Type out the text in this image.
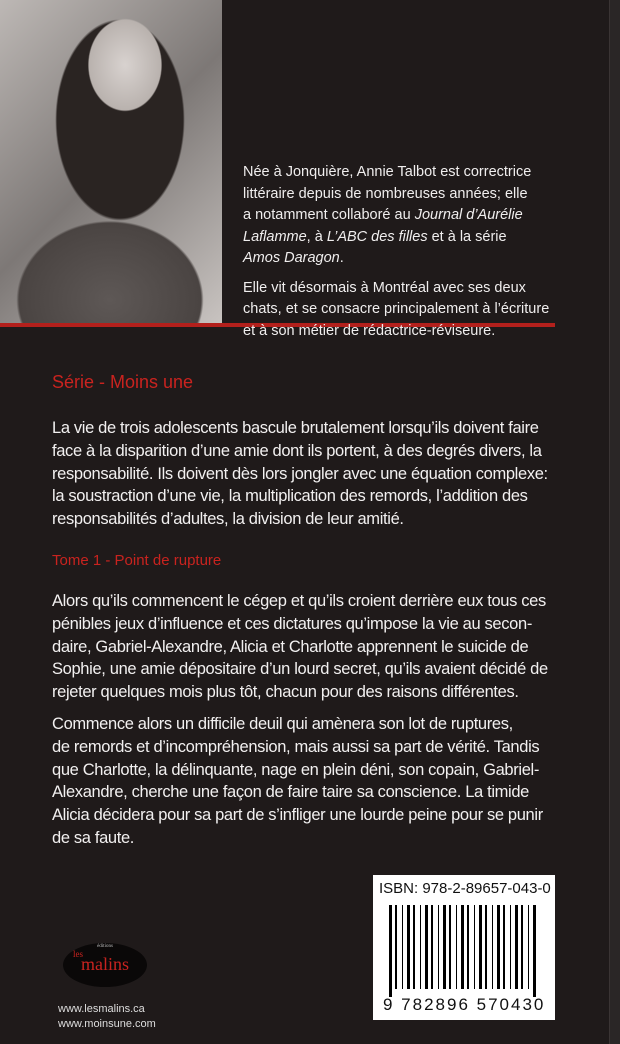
Née à Jonquière, Annie Talbot est correctrice
littéraire depuis de nombreuses années; elle
a notamment collaboré au Journal d’Aurélie
Laflamme, à L’ABC des filles et à la série
Amos Daragon.

Elle vit désormais à Montréal avec ses deux
chats, et se consacre principalement à l’écriture
et à son métier de rédactrice-réviseure.

Série - Moins une
La vie de trois adolescents bascule brutalement lorsqu’ils doivent faire
face à la disparition d’une amie dont ils portent, à des degrés divers, la
responsabilité. Ils doivent dès lors jongler avec une équation complexe:
la soustraction d’une vie, la multiplication des remords, l’addition des
responsabilités d’adultes, la division de leur amitié.
Tome 1 - Point de rupture
Alors qu’ils commencent le cégep et qu’ils croient derrière eux tous ces
pénibles jeux d’influence et ces dictatures qu’impose la vie au secon-
daire, Gabriel-Alexandre, Alicia et Charlotte apprennent le suicide de
Sophie, une amie dépositaire d’un lourd secret, qu’ils avaient décidé de
rejeter quelques mois plus tôt, chacun pour des raisons différentes.
Commence alors un difficile deuil qui amènera son lot de ruptures,
de remords et d’incompréhension, mais aussi sa part de vérité. Tandis
que Charlotte, la délinquante, nage en plein déni, son copain, Gabriel-
Alexandre, cherche une façon de faire taire sa conscience. La timide
Alicia décidera pour sa part de s’infliger une lourde peine pour se punir
de sa faute.
ISBN: 978-2-89657-043-0
9 782896 570430
éditions
les
malins
www.lesmalins.ca
www.moinsune.com
